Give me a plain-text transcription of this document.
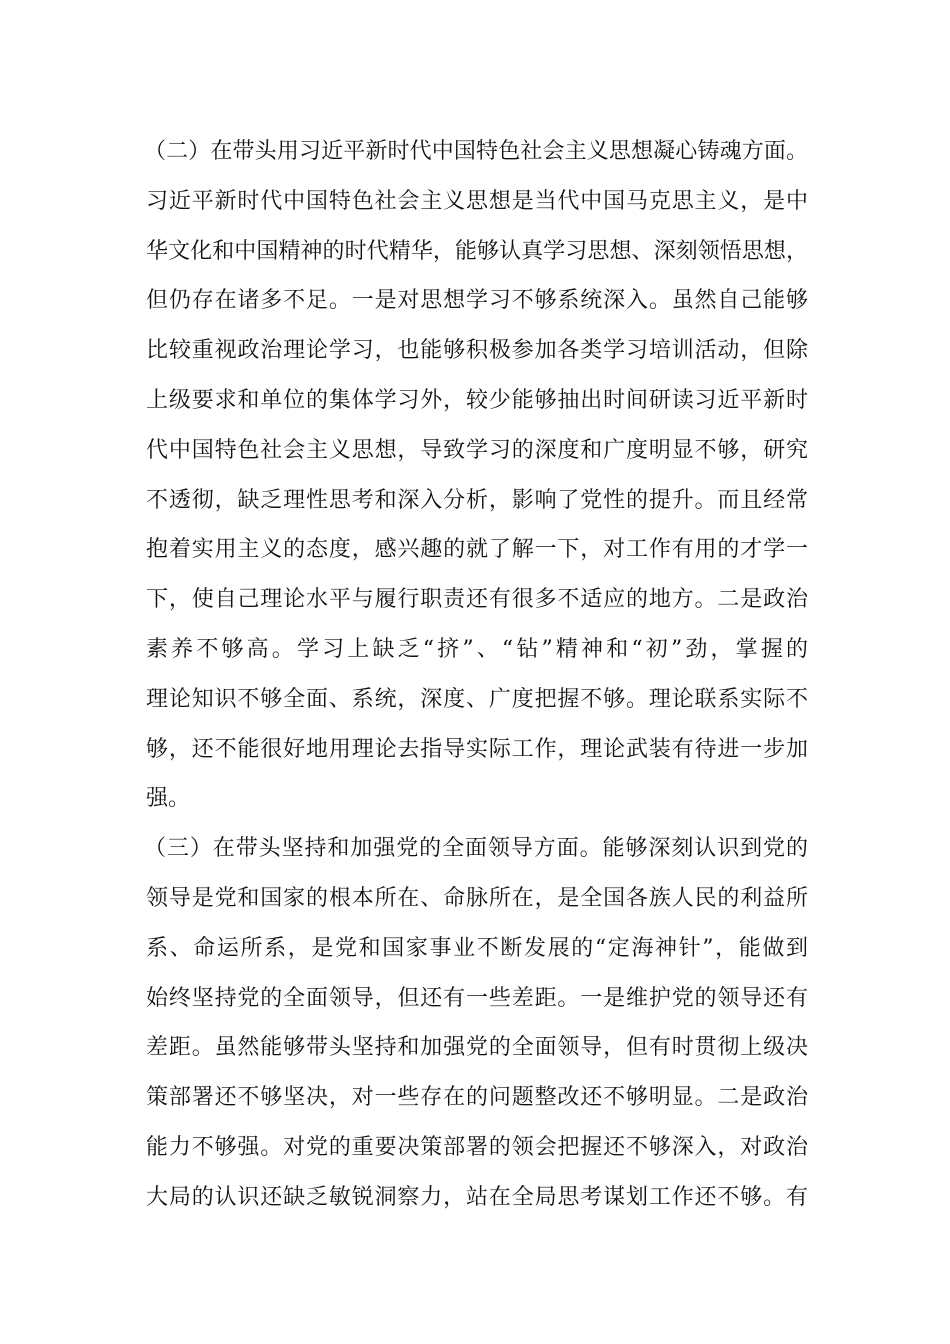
（二）在带头用习近平新时代中国特色社会主义思想凝心铸魂方面。
习近平新时代中国特色社会主义思想是当代中国马克思主义，是中
华文化和中国精神的时代精华，能够认真学习思想、深刻领悟思想，
但仍存在诸多不足。一是对思想学习不够系统深入。虽然自己能够
比较重视政治理论学习，也能够积极参加各类学习培训活动，但除
上级要求和单位的集体学习外，较少能够抽出时间研读习近平新时
代中国特色社会主义思想，导致学习的深度和广度明显不够，研究
不透彻，缺乏理性思考和深入分析，影响了党性的提升。而且经常
抱着实用主义的态度，感兴趣的就了解一下，对工作有用的才学一
下，使自己理论水平与履行职责还有很多不适应的地方。二是政治
素养不够高。学习上缺乏“挤”、“钻”精神和“初”劲，掌握的
理论知识不够全面、系统，深度、广度把握不够。理论联系实际不
够，还不能很好地用理论去指导实际工作，理论武装有待进一步加
强。
（三）在带头坚持和加强党的全面领导方面。能够深刻认识到党的
领导是党和国家的根本所在、命脉所在，是全国各族人民的利益所
系、命运所系，是党和国家事业不断发展的“定海神针”，能做到
始终坚持党的全面领导，但还有一些差距。一是维护党的领导还有
差距。虽然能够带头坚持和加强党的全面领导，但有时贯彻上级决
策部署还不够坚决，对一些存在的问题整改还不够明显。二是政治
能力不够强。对党的重要决策部署的领会把握还不够深入，对政治
大局的认识还缺乏敏锐洞察力，站在全局思考谋划工作还不够。有
